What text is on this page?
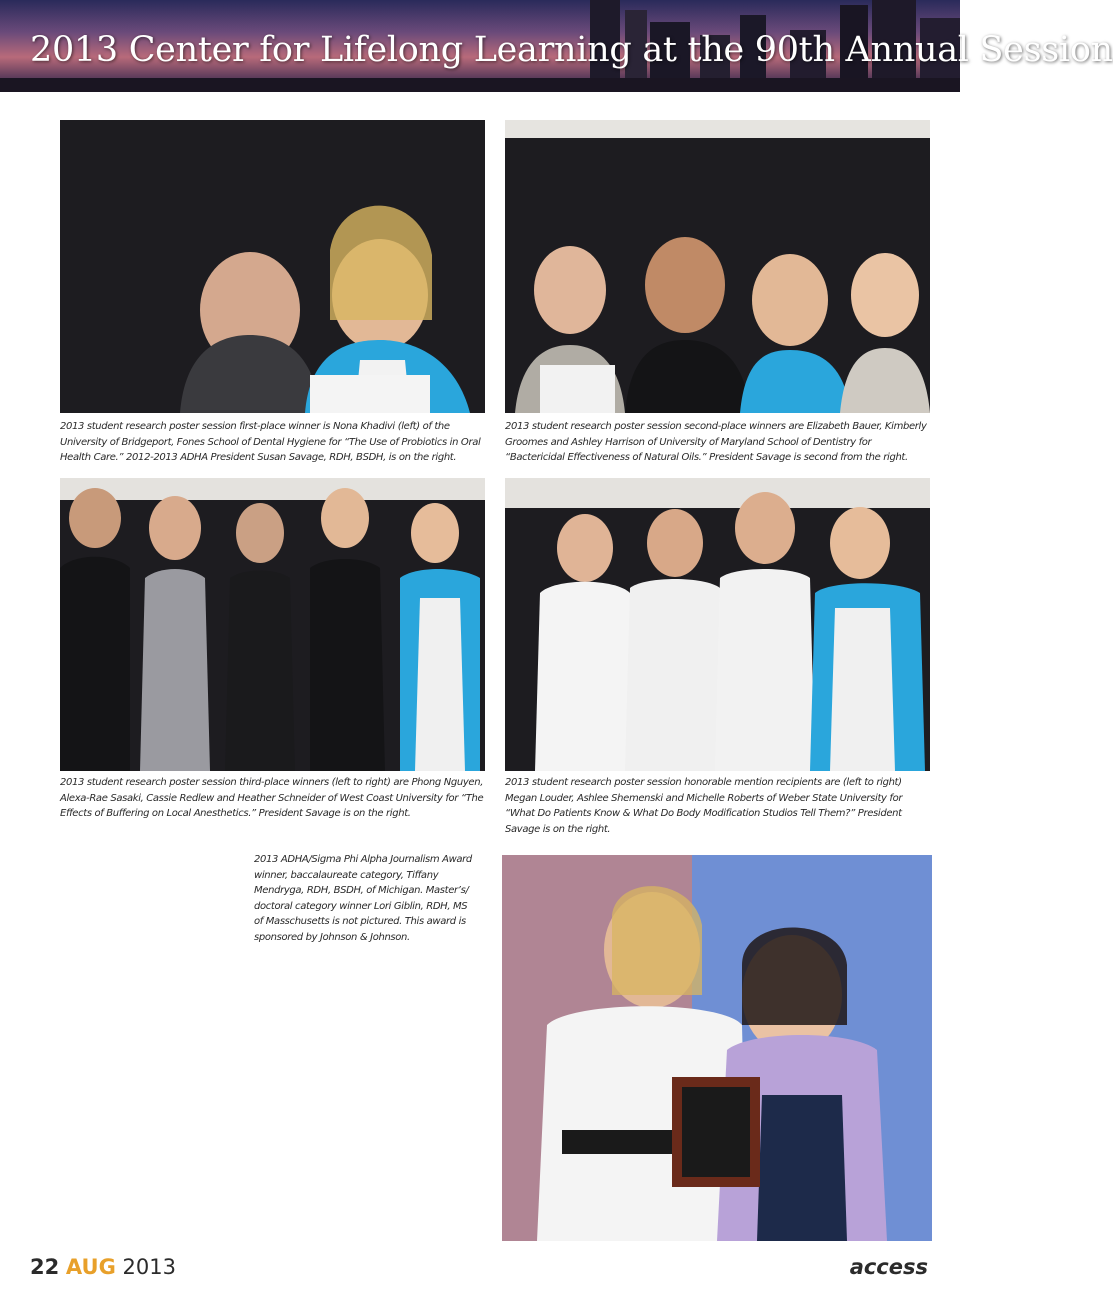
2013 Center for Lifelong Learning at the 90th Annual Session
2013 student research poster session first-place winner is Nona Khadivi (left) of the University of Bridgeport, Fones School of Dental Hygiene for “The Use of Probiotics in Oral Health Care.” 2012-2013 ADHA President Susan Savage, RDH, BSDH, is on the right.
2013 student research poster session second-place winners are Elizabeth Bauer, Kimberly Groomes and Ashley Harrison of University of Maryland School of Dentistry for “Bactericidal Effectiveness of Natural Oils.” President Savage is second from the right.
2013 student research poster session third-place winners (left to right) are Phong Nguyen, Alexa-Rae Sasaki, Cassie Redlew and Heather Schneider of West Coast University for “The Effects of Buffering on Local Anesthetics.” President Savage is on the right.
2013 student research poster session honorable mention recipients are (left to right) Megan Louder, Ashlee Shemenski and Michelle Roberts of Weber State University for “What Do Patients Know & What Do Body Modification Studios Tell Them?” President Savage is on the right.
2013 ADHA/Sigma Phi Alpha Journalism Award winner, baccalaureate category, Tiffany Mendryga, RDH, BSDH, of Michigan. Master’s/ doctoral category winner Lori Giblin, RDH, MS of Masschusetts is not pictured. This award is sponsored by Johnson & Johnson.
22 AUG 2013	access
